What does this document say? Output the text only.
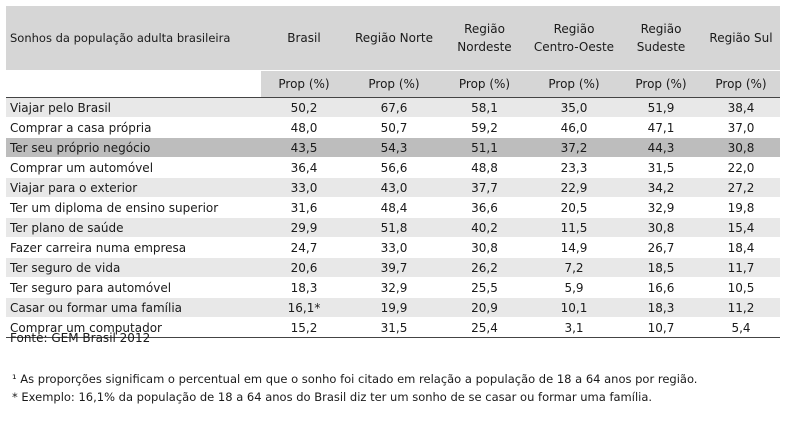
Sonhos da população adulta brasileira	Brasil	Região Norte	Região Nordeste	Região Centro-Oeste	Região Sudeste	Região Sul
	Prop (%)	Prop (%)	Prop (%)	Prop (%)	Prop (%)	Prop (%)
Viajar pelo Brasil	50,2	67,6	58,1	35,0	51,9	38,4
Comprar a casa própria	48,0	50,7	59,2	46,0	47,1	37,0
Ter seu próprio negócio	43,5	54,3	51,1	37,2	44,3	30,8
Comprar um automóvel	36,4	56,6	48,8	23,3	31,5	22,0
Viajar para o exterior	33,0	43,0	37,7	22,9	34,2	27,2
Ter um diploma de ensino superior	31,6	48,4	36,6	20,5	32,9	19,8
Ter plano de saúde	29,9	51,8	40,2	11,5	30,8	15,4
Fazer carreira numa empresa	24,7	33,0	30,8	14,9	26,7	18,4
Ter seguro de vida	20,6	39,7	26,2	7,2	18,5	11,7
Ter seguro para automóvel	18,3	32,9	25,5	5,9	16,6	10,5
Casar ou formar uma família	16,1*	19,9	20,9	10,1	18,3	11,2
Comprar um computador	15,2	31,5	25,4	3,1	10,7	5,4
Fonte: GEM Brasil 2012
¹ As proporções significam o percentual em que o sonho foi citado em relação a população de 18 a 64 anos por região.
* Exemplo: 16,1% da população de 18 a 64 anos do Brasil diz ter um sonho de se casar ou formar uma família.
